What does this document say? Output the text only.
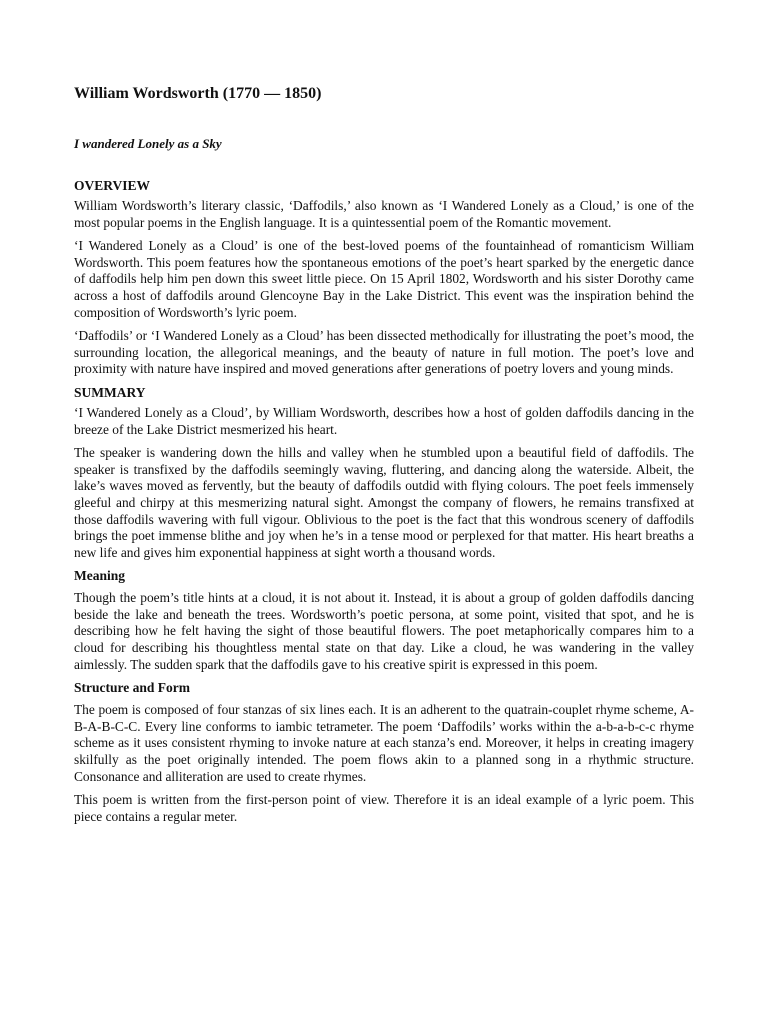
William Wordsworth (1770 — 1850)
I wandered Lonely as a Sky
OVERVIEW

William Wordsworth’s literary classic, ‘Daffodils,’ also known as ‘I Wandered Lonely as a Cloud,’ is one of the most popular poems in the English language. It is a quintessential poem of the Romantic movement.

‘I Wandered Lonely as a Cloud’ is one of the best-loved poems of the fountainhead of romanticism William Wordsworth. This poem features how the spontaneous emotions of the poet’s heart sparked by the energetic dance of daffodils help him pen down this sweet little piece. On 15 April 1802, Wordsworth and his sister Dorothy came across a host of daffodils around Glencoyne Bay in the Lake District. This event was the inspiration behind the composition of Wordsworth’s lyric poem.

‘Daffodils’ or ‘I Wandered Lonely as a Cloud’ has been dissected methodically for illustrating the poet’s mood, the surrounding location, the allegorical meanings, and the beauty of nature in full motion. The poet’s love and proximity with nature have inspired and moved generations after generations of poetry lovers and young minds.

SUMMARY

‘I Wandered Lonely as a Cloud’, by William Wordsworth, describes how a host of golden daffodils dancing in the breeze of the Lake District mesmerized his heart.

The speaker is wandering down the hills and valley when he stumbled upon a beautiful field of daffodils. The speaker is transfixed by the daffodils seemingly waving, fluttering, and dancing along the waterside. Albeit, the lake’s waves moved as fervently, but the beauty of daffodils outdid with flying colours. The poet feels immensely gleeful and chirpy at this mesmerizing natural sight. Amongst the company of flowers, he remains transfixed at those daffodils wavering with full vigour. Oblivious to the poet is the fact that this wondrous scenery of daffodils brings the poet immense blithe and joy when he’s in a tense mood or perplexed for that matter. His heart breaths a new life and gives him exponential happiness at sight worth a thousand words.

Meaning

Though the poem’s title hints at a cloud, it is not about it. Instead, it is about a group of golden daffodils dancing beside the lake and beneath the trees. Wordsworth’s poetic persona, at some point, visited that spot, and he is describing how he felt having the sight of those beautiful flowers. The poet metaphorically compares him to a cloud for describing his thoughtless mental state on that day. Like a cloud, he was wandering in the valley aimlessly. The sudden spark that the daffodils gave to his creative spirit is expressed in this poem.

Structure and Form

The poem is composed of four stanzas of six lines each. It is an adherent to the quatrain-couplet rhyme scheme, A-B-A-B-C-C. Every line conforms to iambic tetrameter. The poem ‘Daffodils’ works within the a-b-a-b-c-c rhyme scheme as it uses consistent rhyming to invoke nature at each stanza’s end. Moreover, it helps in creating imagery skilfully as the poet originally intended. The poem flows akin to a planned song in a rhythmic structure. Consonance and alliteration are used to create rhymes.

This poem is written from the first-person point of view. Therefore it is an ideal example of a lyric poem. This piece contains a regular meter.
